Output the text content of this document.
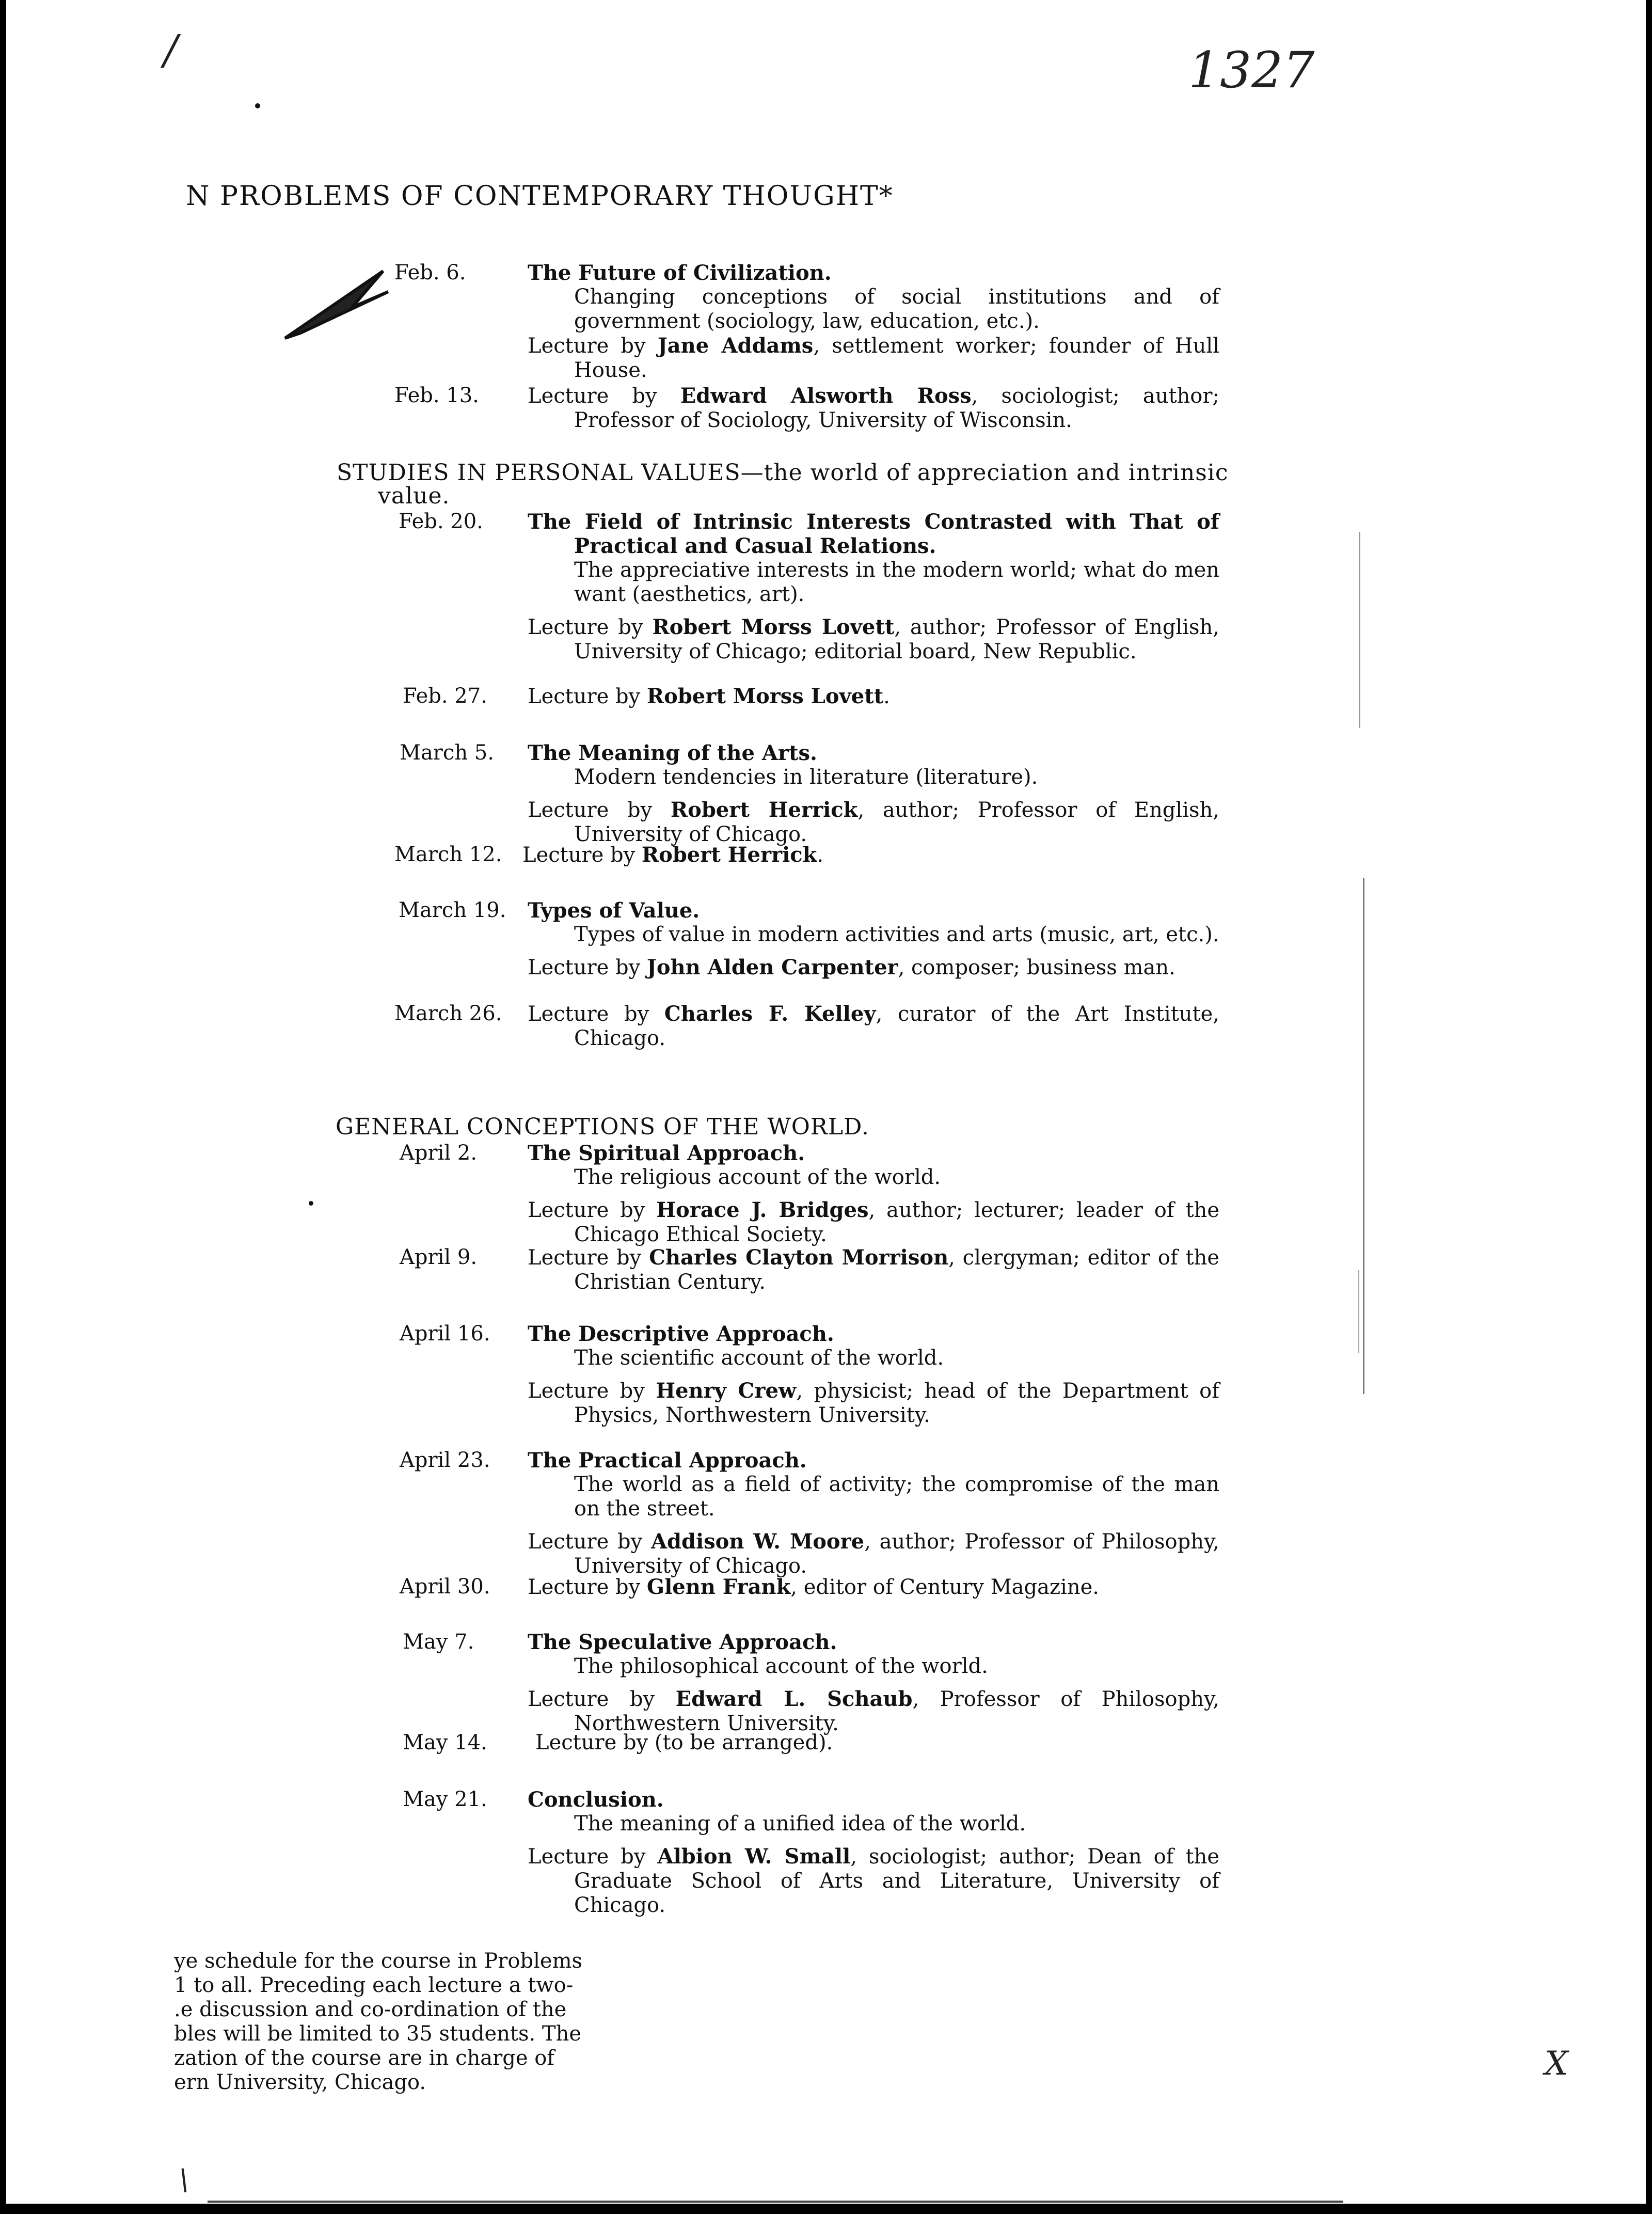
/	1327
N PROBLEMS OF CONTEMPORARY THOUGHT*
Feb. 6.	The Future of Civilization.
Changing conceptions of social institutions and of government (sociology, law, education, etc.).
Lecture by Jane Addams, settlement worker; founder of Hull House.
Feb. 13. Lecture by Edward Alsworth Ross, sociologist; author; Professor of Sociology, University of Wisconsin.
STUDIES IN PERSONAL VALUES—the world of appreciation and intrinsic
value.
Feb. 20. The Field of Intrinsic Interests Contrasted with That of Practical and Casual Relations.
The appreciative interests in the modern world; what do men want (aesthetics, art).
Lecture by Robert Morss Lovett, author; Professor of English, University of Chicago; editorial board, New Republic.
Feb. 27. Lecture by Robert Morss Lovett.
March 5. The Meaning of the Arts.
Modern tendencies in literature (literature).
Lecture by Robert Herrick, author; Professor of English, University of Chicago.
March 12. Lecture by Robert Herrick.
March 19. Types of Value.
Types of value in modern activities and arts (music, art, etc.).
Lecture by John Alden Carpenter, composer; business man.
March 26. Lecture by Charles F. Kelley, curator of the Art Institute, Chicago.
GENERAL CONCEPTIONS OF THE WORLD.
April 2. The Spiritual Approach.
The religious account of the world.
Lecture by Horace J. Bridges, author; lecturer; leader of the Chicago Ethical Society.
April 9. Lecture by Charles Clayton Morrison, clergyman; editor of the Christian Century.
April 16. The Descriptive Approach.
The scientific account of the world.
Lecture by Henry Crew, physicist; head of the Department of Physics, Northwestern University.
April 23. The Practical Approach.
The world as a field of activity; the compromise of the man on the street.
Lecture by Addison W. Moore, author; Professor of Philosophy, University of Chicago.
April 30. Lecture by Glenn Frank, editor of Century Magazine.
May 7.	The Speculative Approach.
The philosophical account of the world.
Lecture by Edward L. Schaub, Professor of Philosophy, Northwestern University.
May 14. Lecture by (to be arranged).
May 21. Conclusion.
The meaning of a unified idea of the world.
Lecture by Albion W. Small, sociologist; author; Dean of the Graduate School of Arts and Literature, University of Chicago.
ye schedule for the course in Problems
1 to all. Preceding each lecture a two-
.e discussion and co-ordination of the
bles will be limited to 35 students. The
zation of the course are in charge of
ern University, Chicago.
\
X
